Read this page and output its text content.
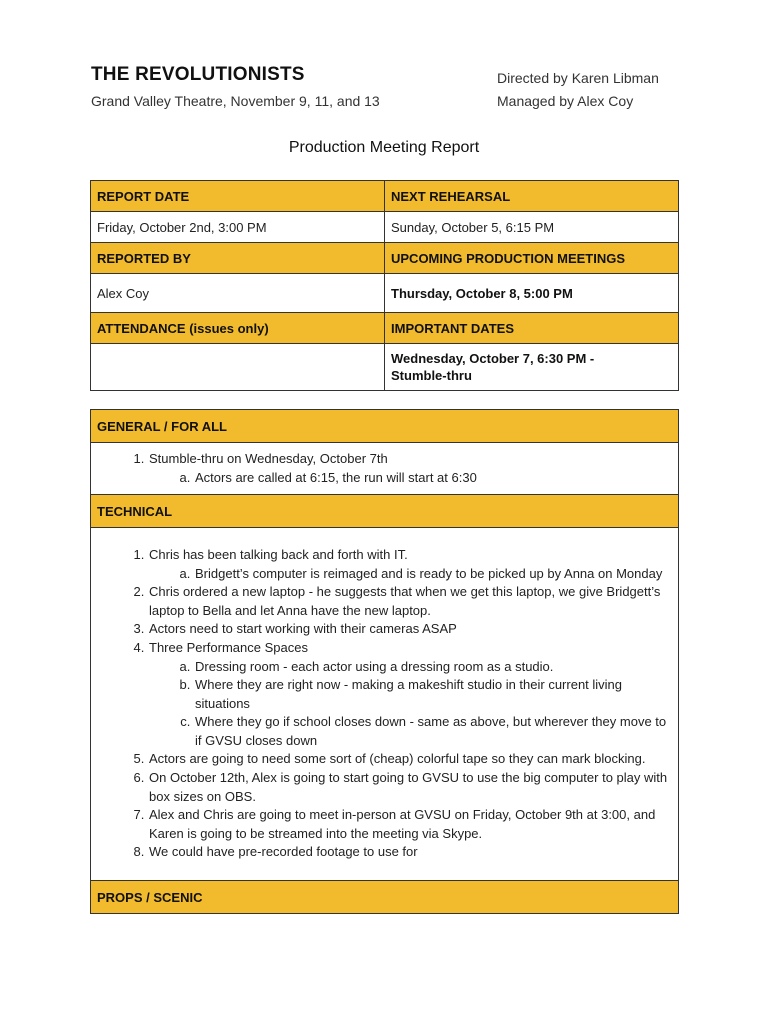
THE REVOLUTIONISTS
Grand Valley Theatre, November 9, 11, and 13
Directed by Karen Libman
Managed by Alex Coy
Production Meeting Report
REPORT DATE	NEXT REHEARSAL
Friday, October 2nd, 3:00 PM	Sunday, October 5, 6:15 PM
REPORTED BY	UPCOMING PRODUCTION MEETINGS
Alex Coy	Thursday, October 8, 5:00 PM
ATTENDANCE (issues only)	IMPORTANT DATES

	Wednesday, October 7, 6:30 PM -
Stumble-thru
GENERAL / FOR ALL

1. Stumble-thru on Wednesday, October 7th
a. Actors are called at 6:15, the run will start at 6:30

TECHNICAL

1. Chris has been talking back and forth with IT.
a. Bridgett’s computer is reimaged and is ready to be picked up by Anna on Monday
2. Chris ordered a new laptop - he suggests that when we get this laptop, we give Bridgett’s laptop to Bella and let Anna have the new laptop.
3. Actors need to start working with their cameras ASAP
4. Three Performance Spaces
a. Dressing room - each actor using a dressing room as a studio.
b. Where they are right now - making a makeshift studio in their current living situations
c. Where they go if school closes down - same as above, but wherever they move to if GVSU closes down
5. Actors are going to need some sort of (cheap) colorful tape so they can mark blocking.
6. On October 12th, Alex is going to start going to GVSU to use the big computer to play with box sizes on OBS.
7. Alex and Chris are going to meet in-person at GVSU on Friday, October 9th at 3:00, and Karen is going to be streamed into the meeting via Skype.
8. We could have pre-recorded footage to use for

PROPS / SCENIC
